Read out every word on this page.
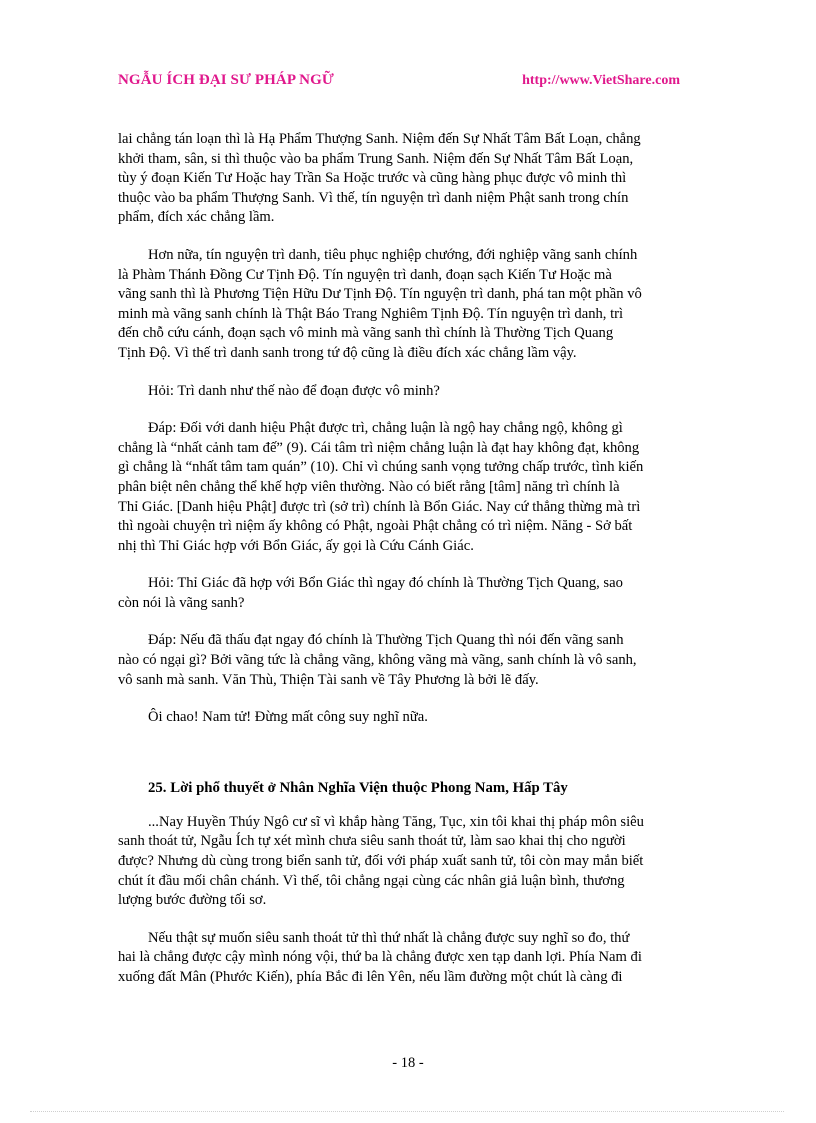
NGẪU ÍCH ĐẠI SƯ PHÁP NGỮ	http://www.VietShare.com
lai chẳng tán loạn thì là Hạ Phẩm Thượng Sanh. Niệm đến Sự Nhất Tâm Bất Loạn, chẳng
khởi tham, sân, si thì thuộc vào ba phẩm Trung Sanh. Niệm đến Sự Nhất Tâm Bất Loạn,
tùy ý đoạn Kiến Tư Hoặc hay Trần Sa Hoặc trước và cũng hàng phục được vô minh thì
thuộc vào ba phẩm Thượng Sanh. Vì thế, tín nguyện trì danh niệm Phật sanh trong chín
phẩm, đích xác chẳng lầm.
Hơn nữa, tín nguyện trì danh, tiêu phục nghiệp chướng, đới nghiệp vãng sanh chính
là Phàm Thánh Đồng Cư Tịnh Độ. Tín nguyện trì danh, đoạn sạch Kiến Tư Hoặc mà
vãng sanh thì là Phương Tiện Hữu Dư Tịnh Độ. Tín nguyện trì danh, phá tan một phần vô
minh mà vãng sanh chính là Thật Báo Trang Nghiêm Tịnh Độ. Tín nguyện trì danh, trì
đến chỗ cứu cánh, đoạn sạch vô minh mà vãng sanh thì chính là Thường Tịch Quang
Tịnh Độ. Vì thế trì danh sanh trong tứ độ cũng là điều đích xác chẳng lầm vậy.
Hỏi: Trì danh như thế nào để đoạn được vô minh?
Đáp: Đối với danh hiệu Phật được trì, chẳng luận là ngộ hay chẳng ngộ, không gì
chẳng là “nhất cảnh tam đế” (9). Cái tâm trì niệm chẳng luận là đạt hay không đạt, không
gì chẳng là “nhất tâm tam quán” (10). Chỉ vì chúng sanh vọng tưởng chấp trước, tình kiến
phân biệt nên chẳng thể khế hợp viên thường. Nào có biết rằng [tâm] năng trì chính là
Thỉ Giác. [Danh hiệu Phật] được trì (sở trì) chính là Bổn Giác. Nay cứ thẳng thừng mà trì
thì ngoài chuyện trì niệm ấy không có Phật, ngoài Phật chẳng có trì niệm. Năng - Sở bất
nhị thì Thỉ Giác hợp với Bổn Giác, ấy gọi là Cứu Cánh Giác.
Hỏi: Thỉ Giác đã hợp với Bổn Giác thì ngay đó chính là Thường Tịch Quang, sao
còn nói là vãng sanh?
Đáp: Nếu đã thấu đạt ngay đó chính là Thường Tịch Quang thì nói đến vãng sanh
nào có ngại gì? Bởi vãng tức là chẳng vãng, không vãng mà vãng, sanh chính là vô sanh,
vô sanh mà sanh. Văn Thù, Thiện Tài sanh về Tây Phương là bởi lẽ đấy.
Ôi chao! Nam tử! Đừng mất công suy nghĩ nữa.
25. Lời phổ thuyết ở Nhân Nghĩa Viện thuộc Phong Nam, Hấp Tây
...Nay Huyền Thúy Ngô cư sĩ vì khắp hàng Tăng, Tục, xin tôi khai thị pháp môn siêu
sanh thoát tử, Ngẫu Ích tự xét mình chưa siêu sanh thoát tử, làm sao khai thị cho người
được? Nhưng dù cùng trong biển sanh tử, đối với pháp xuất sanh tử, tôi còn may mắn biết
chút ít đầu mối chân chánh. Vì thế, tôi chẳng ngại cùng các nhân giả luận bình, thương
lượng bước đường tối sơ.
Nếu thật sự muốn siêu sanh thoát tử thì thứ nhất là chẳng được suy nghĩ so đo, thứ
hai là chẳng được cậy mình nóng vội, thứ ba là chẳng được xen tạp danh lợi. Phía Nam đi
xuống đất Mân (Phước Kiến), phía Bắc đi lên Yên, nếu lầm đường một chút là càng đi
- 18 -
